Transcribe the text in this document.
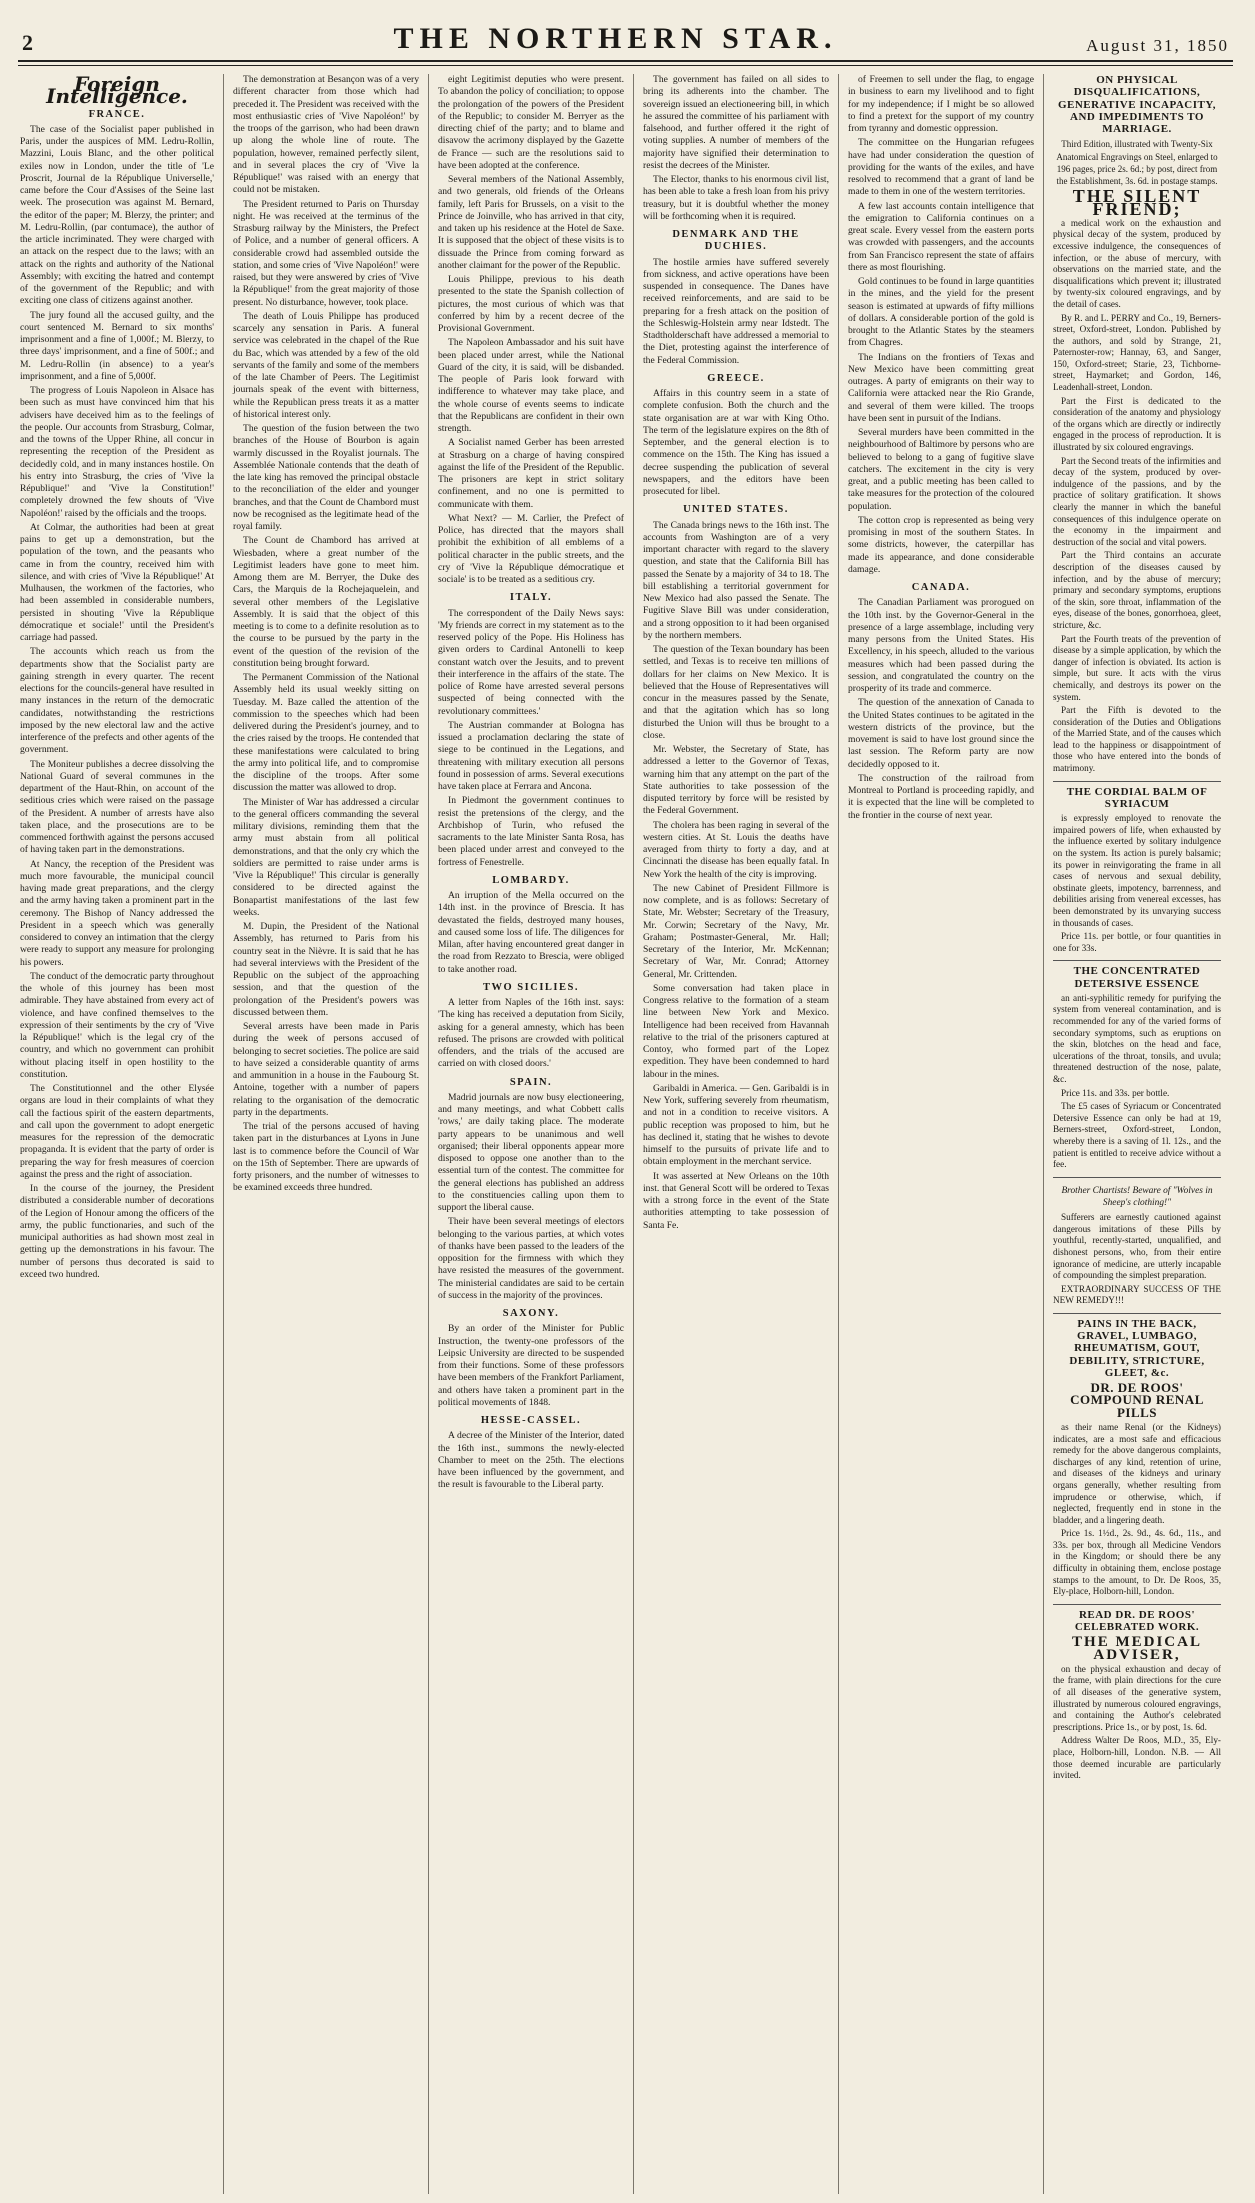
2	THE NORTHERN STAR.	August 31, 1850
Foreign Intelligence.
FRANCE.

The case of the Socialist paper published in Paris, under the auspices of MM. Ledru-Rollin, Mazzini, Louis Blanc, and the other political exiles now in London, under the title of 'Le Proscrit, Journal de la République Universelle,' came before the Cour d'Assises of the Seine last week. The prosecution was against M. Bernard, the editor of the paper; M. Blerzy, the printer; and M. Ledru-Rollin, (par contumace), the author of the article incriminated. They were charged with an attack on the respect due to the laws; with an attack on the rights and authority of the National Assembly; with exciting the hatred and contempt of the government of the Republic; and with exciting one class of citizens against another.

The jury found all the accused guilty, and the court sentenced M. Bernard to six months' imprisonment and a fine of 1,000f.; M. Blerzy, to three days' imprisonment, and a fine of 500f.; and M. Ledru-Rollin (in absence) to a year's imprisonment, and a fine of 5,000f.

The progress of Louis Napoleon in Alsace has been such as must have convinced him that his advisers have deceived him as to the feelings of the people. Our accounts from Strasburg, Colmar, and the towns of the Upper Rhine, all concur in representing the reception of the President as decidedly cold, and in many instances hostile. On his entry into Strasburg, the cries of 'Vive la République!' and 'Vive la Constitution!' completely drowned the few shouts of 'Vive Napoléon!' raised by the officials and the troops.

At Colmar, the authorities had been at great pains to get up a demonstration, but the population of the town, and the peasants who came in from the country, received him with silence, and with cries of 'Vive la République!' At Mulhausen, the workmen of the factories, who had been assembled in considerable numbers, persisted in shouting 'Vive la République démocratique et sociale!' until the President's carriage had passed.

The accounts which reach us from the departments show that the Socialist party are gaining strength in every quarter. The recent elections for the councils-general have resulted in many instances in the return of the democratic candidates, notwithstanding the restrictions imposed by the new electoral law and the active interference of the prefects and other agents of the government.

The Moniteur publishes a decree dissolving the National Guard of several communes in the department of the Haut-Rhin, on account of the seditious cries which were raised on the passage of the President. A number of arrests have also taken place, and the prosecutions are to be commenced forthwith against the persons accused of having taken part in the demonstrations.

At Nancy, the reception of the President was much more favourable, the municipal council having made great preparations, and the clergy and the army having taken a prominent part in the ceremony. The Bishop of Nancy addressed the President in a speech which was generally considered to convey an intimation that the clergy were ready to support any measure for prolonging his powers.

The conduct of the democratic party throughout the whole of this journey has been most admirable. They have abstained from every act of violence, and have confined themselves to the expression of their sentiments by the cry of 'Vive la République!' which is the legal cry of the country, and which no government can prohibit without placing itself in open hostility to the constitution.

The Constitutionnel and the other Elysée organs are loud in their complaints of what they call the factious spirit of the eastern departments, and call upon the government to adopt energetic measures for the repression of the democratic propaganda. It is evident that the party of order is preparing the way for fresh measures of coercion against the press and the right of association.

In the course of the journey, the President distributed a considerable number of decorations of the Legion of Honour among the officers of the army, the public functionaries, and such of the municipal authorities as had shown most zeal in getting up the demonstrations in his favour. The number of persons thus decorated is said to exceed two hundred.

The demonstration at Besançon was of a very different character from those which had preceded it. The President was received with the most enthusiastic cries of 'Vive Napoléon!' by the troops of the garrison, who had been drawn up along the whole line of route. The population, however, remained perfectly silent, and in several places the cry of 'Vive la République!' was raised with an energy that could not be mistaken.

The President returned to Paris on Thursday night. He was received at the terminus of the Strasburg railway by the Ministers, the Prefect of Police, and a number of general officers. A considerable crowd had assembled outside the station, and some cries of 'Vive Napoléon!' were raised, but they were answered by cries of 'Vive la République!' from the great majority of those present. No disturbance, however, took place.

The death of Louis Philippe has produced scarcely any sensation in Paris. A funeral service was celebrated in the chapel of the Rue du Bac, which was attended by a few of the old servants of the family and some of the members of the late Chamber of Peers. The Legitimist journals speak of the event with bitterness, while the Republican press treats it as a matter of historical interest only.

The question of the fusion between the two branches of the House of Bourbon is again warmly discussed in the Royalist journals. The Assemblée Nationale contends that the death of the late king has removed the principal obstacle to the reconciliation of the elder and younger branches, and that the Count de Chambord must now be recognised as the legitimate head of the royal family.

The Count de Chambord has arrived at Wiesbaden, where a great number of the Legitimist leaders have gone to meet him. Among them are M. Berryer, the Duke des Cars, the Marquis de la Rochejaquelein, and several other members of the Legislative Assembly. It is said that the object of this meeting is to come to a definite resolution as to the course to be pursued by the party in the event of the question of the revision of the constitution being brought forward.

The Permanent Commission of the National Assembly held its usual weekly sitting on Tuesday. M. Baze called the attention of the commission to the speeches which had been delivered during the President's journey, and to the cries raised by the troops. He contended that these manifestations were calculated to bring the army into political life, and to compromise the discipline of the troops. After some discussion the matter was allowed to drop.

The Minister of War has addressed a circular to the general officers commanding the several military divisions, reminding them that the army must abstain from all political demonstrations, and that the only cry which the soldiers are permitted to raise under arms is 'Vive la République!' This circular is generally considered to be directed against the Bonapartist manifestations of the last few weeks.

M. Dupin, the President of the National Assembly, has returned to Paris from his country seat in the Nièvre. It is said that he has had several interviews with the President of the Republic on the subject of the approaching session, and that the question of the prolongation of the President's powers was discussed between them.

Several arrests have been made in Paris during the week of persons accused of belonging to secret societies. The police are said to have seized a considerable quantity of arms and ammunition in a house in the Faubourg St. Antoine, together with a number of papers relating to the organisation of the democratic party in the departments.

The trial of the persons accused of having taken part in the disturbances at Lyons in June last is to commence before the Council of War on the 15th of September. There are upwards of forty prisoners, and the number of witnesses to be examined exceeds three hundred.

eight Legitimist deputies who were present. To abandon the policy of conciliation; to oppose the prolongation of the powers of the President of the Republic; to consider M. Berryer as the directing chief of the party; and to blame and disavow the acrimony displayed by the Gazette de France — such are the resolutions said to have been adopted at the conference.

Several members of the National Assembly, and two generals, old friends of the Orleans family, left Paris for Brussels, on a visit to the Prince de Joinville, who has arrived in that city, and taken up his residence at the Hotel de Saxe. It is supposed that the object of these visits is to dissuade the Prince from coming forward as another claimant for the power of the Republic.

Louis Philippe, previous to his death presented to the state the Spanish collection of pictures, the most curious of which was that conferred by him by a recent decree of the Provisional Government.

The Napoleon Ambassador and his suit have been placed under arrest, while the National Guard of the city, it is said, will be disbanded. The people of Paris look forward with indifference to whatever may take place, and the whole course of events seems to indicate that the Republicans are confident in their own strength.

A Socialist named Gerber has been arrested at Strasburg on a charge of having conspired against the life of the President of the Republic. The prisoners are kept in strict solitary confinement, and no one is permitted to communicate with them.

What Next? — M. Carlier, the Prefect of Police, has directed that the mayors shall prohibit the exhibition of all emblems of a political character in the public streets, and the cry of 'Vive la République démocratique et sociale' is to be treated as a seditious cry.

ITALY.

The correspondent of the Daily News says: 'My friends are correct in my statement as to the reserved policy of the Pope. His Holiness has given orders to Cardinal Antonelli to keep constant watch over the Jesuits, and to prevent their interference in the affairs of the state. The police of Rome have arrested several persons suspected of being connected with the revolutionary committees.'

The Austrian commander at Bologna has issued a proclamation declaring the state of siege to be continued in the Legations, and threatening with military execution all persons found in possession of arms. Several executions have taken place at Ferrara and Ancona.

In Piedmont the government continues to resist the pretensions of the clergy, and the Archbishop of Turin, who refused the sacraments to the late Minister Santa Rosa, has been placed under arrest and conveyed to the fortress of Fenestrelle.

LOMBARDY.

An irruption of the Mella occurred on the 14th inst. in the province of Brescia. It has devastated the fields, destroyed many houses, and caused some loss of life. The diligences for Milan, after having encountered great danger in the road from Rezzato to Brescia, were obliged to take another road.

TWO SICILIES.

A letter from Naples of the 16th inst. says: 'The king has received a deputation from Sicily, asking for a general amnesty, which has been refused. The prisons are crowded with political offenders, and the trials of the accused are carried on with closed doors.'

SPAIN.

Madrid journals are now busy electioneering, and many meetings, and what Cobbett calls 'rows,' are daily taking place. The moderate party appears to be unanimous and well organised; their liberal opponents appear more disposed to oppose one another than to the essential turn of the contest. The committee for the general elections has published an address to the constituencies calling upon them to support the liberal cause.

Their have been several meetings of electors belonging to the various parties, at which votes of thanks have been passed to the leaders of the opposition for the firmness with which they have resisted the measures of the government. The ministerial candidates are said to be certain of success in the majority of the provinces.

SAXONY.

By an order of the Minister for Public Instruction, the twenty-one professors of the Leipsic University are directed to be suspended from their functions. Some of these professors have been members of the Frankfort Parliament, and others have taken a prominent part in the political movements of 1848.

HESSE-CASSEL.

A decree of the Minister of the Interior, dated the 16th inst., summons the newly-elected Chamber to meet on the 25th. The elections have been influenced by the government, and the result is favourable to the Liberal party.

The government has failed on all sides to bring its adherents into the chamber. The sovereign issued an electioneering bill, in which he assured the committee of his parliament with falsehood, and further offered it the right of voting supplies. A number of members of the majority have signified their determination to resist the decrees of the Minister.

The Elector, thanks to his enormous civil list, has been able to take a fresh loan from his privy treasury, but it is doubtful whether the money will be forthcoming when it is required.

DENMARK AND THE DUCHIES.

The hostile armies have suffered severely from sickness, and active operations have been suspended in consequence. The Danes have received reinforcements, and are said to be preparing for a fresh attack on the position of the Schleswig-Holstein army near Idstedt. The Stadtholderschaft have addressed a memorial to the Diet, protesting against the interference of the Federal Commission.

GREECE.

Affairs in this country seem in a state of complete confusion. Both the church and the state organisation are at war with King Otho. The term of the legislature expires on the 8th of September, and the general election is to commence on the 15th. The King has issued a decree suspending the publication of several newspapers, and the editors have been prosecuted for libel.

UNITED STATES.

The Canada brings news to the 16th inst. The accounts from Washington are of a very important character with regard to the slavery question, and state that the California Bill has passed the Senate by a majority of 34 to 18. The bill establishing a territorial government for New Mexico had also passed the Senate. The Fugitive Slave Bill was under consideration, and a strong opposition to it had been organised by the northern members.

The question of the Texan boundary has been settled, and Texas is to receive ten millions of dollars for her claims on New Mexico. It is believed that the House of Representatives will concur in the measures passed by the Senate, and that the agitation which has so long disturbed the Union will thus be brought to a close.

Mr. Webster, the Secretary of State, has addressed a letter to the Governor of Texas, warning him that any attempt on the part of the State authorities to take possession of the disputed territory by force will be resisted by the Federal Government.

The cholera has been raging in several of the western cities. At St. Louis the deaths have averaged from thirty to forty a day, and at Cincinnati the disease has been equally fatal. In New York the health of the city is improving.

The new Cabinet of President Fillmore is now complete, and is as follows: Secretary of State, Mr. Webster; Secretary of the Treasury, Mr. Corwin; Secretary of the Navy, Mr. Graham; Postmaster-General, Mr. Hall; Secretary of the Interior, Mr. McKennan; Secretary of War, Mr. Conrad; Attorney General, Mr. Crittenden.

Some conversation had taken place in Congress relative to the formation of a steam line between New York and Mexico. Intelligence had been received from Havannah relative to the trial of the prisoners captured at Contoy, who formed part of the Lopez expedition. They have been condemned to hard labour in the mines.

Garibaldi in America. — Gen. Garibaldi is in New York, suffering severely from rheumatism, and not in a condition to receive visitors. A public reception was proposed to him, but he has declined it, stating that he wishes to devote himself to the pursuits of private life and to obtain employment in the merchant service.

It was asserted at New Orleans on the 10th inst. that General Scott will be ordered to Texas with a strong force in the event of the State authorities attempting to take possession of Santa Fe.

of Freemen to sell under the flag, to engage in business to earn my livelihood and to fight for my independence; if I might be so allowed to find a pretext for the support of my country from tyranny and domestic oppression.

The committee on the Hungarian refugees have had under consideration the question of providing for the wants of the exiles, and have resolved to recommend that a grant of land be made to them in one of the western territories.

A few last accounts contain intelligence that the emigration to California continues on a great scale. Every vessel from the eastern ports was crowded with passengers, and the accounts from San Francisco represent the state of affairs there as most flourishing.

Gold continues to be found in large quantities in the mines, and the yield for the present season is estimated at upwards of fifty millions of dollars. A considerable portion of the gold is brought to the Atlantic States by the steamers from Chagres.

The Indians on the frontiers of Texas and New Mexico have been committing great outrages. A party of emigrants on their way to California were attacked near the Rio Grande, and several of them were killed. The troops have been sent in pursuit of the Indians.

Several murders have been committed in the neighbourhood of Baltimore by persons who are believed to belong to a gang of fugitive slave catchers. The excitement in the city is very great, and a public meeting has been called to take measures for the protection of the coloured population.

The cotton crop is represented as being very promising in most of the southern States. In some districts, however, the caterpillar has made its appearance, and done considerable damage.

CANADA.

The Canadian Parliament was prorogued on the 10th inst. by the Governor-General in the presence of a large assemblage, including very many persons from the United States. His Excellency, in his speech, alluded to the various measures which had been passed during the session, and congratulated the country on the prosperity of its trade and commerce.

The question of the annexation of Canada to the United States continues to be agitated in the western districts of the province, but the movement is said to have lost ground since the last session. The Reform party are now decidedly opposed to it.

The construction of the railroad from Montreal to Portland is proceeding rapidly, and it is expected that the line will be completed to the frontier in the course of next year.

ON PHYSICAL DISQUALIFICATIONS, GENERATIVE INCAPACITY, AND IMPEDIMENTS TO MARRIAGE.
Third Edition, illustrated with Twenty-Six Anatomical Engravings on Steel, enlarged to 196 pages, price 2s. 6d.; by post, direct from the Establishment, 3s. 6d. in postage stamps.
THE SILENT FRIEND;

a medical work on the exhaustion and physical decay of the system, produced by excessive indulgence, the consequences of infection, or the abuse of mercury, with observations on the married state, and the disqualifications which prevent it; illustrated by twenty-six coloured engravings, and by the detail of cases.

By R. and L. PERRY and Co., 19, Berners-street, Oxford-street, London. Published by the authors, and sold by Strange, 21, Paternoster-row; Hannay, 63, and Sanger, 150, Oxford-street; Starie, 23, Tichborne-street, Haymarket; and Gordon, 146, Leadenhall-street, London.

Part the First is dedicated to the consideration of the anatomy and physiology of the organs which are directly or indirectly engaged in the process of reproduction. It is illustrated by six coloured engravings.

Part the Second treats of the infirmities and decay of the system, produced by over-indulgence of the passions, and by the practice of solitary gratification. It shows clearly the manner in which the baneful consequences of this indulgence operate on the economy in the impairment and destruction of the social and vital powers.

Part the Third contains an accurate description of the diseases caused by infection, and by the abuse of mercury; primary and secondary symptoms, eruptions of the skin, sore throat, inflammation of the eyes, disease of the bones, gonorrhoea, gleet, stricture, &c.

Part the Fourth treats of the prevention of disease by a simple application, by which the danger of infection is obviated. Its action is simple, but sure. It acts with the virus chemically, and destroys its power on the system.

Part the Fifth is devoted to the consideration of the Duties and Obligations of the Married State, and of the causes which lead to the happiness or disappointment of those who have entered into the bonds of matrimony.

THE CORDIAL BALM OF SYRIACUM

is expressly employed to renovate the impaired powers of life, when exhausted by the influence exerted by solitary indulgence on the system. Its action is purely balsamic; its power in reinvigorating the frame in all cases of nervous and sexual debility, obstinate gleets, impotency, barrenness, and debilities arising from venereal excesses, has been demonstrated by its unvarying success in thousands of cases.

Price 11s. per bottle, or four quantities in one for 33s.

THE CONCENTRATED DETERSIVE ESSENCE

an anti-syphilitic remedy for purifying the system from venereal contamination, and is recommended for any of the varied forms of secondary symptoms, such as eruptions on the skin, blotches on the head and face, ulcerations of the throat, tonsils, and uvula; threatened destruction of the nose, palate, &c.

Price 11s. and 33s. per bottle.

The £5 cases of Syriacum or Concentrated Detersive Essence can only be had at 19, Berners-street, Oxford-street, London, whereby there is a saving of 1l. 12s., and the patient is entitled to receive advice without a fee.

Brother Chartists! Beware of "Wolves in Sheep's clothing!"

Sufferers are earnestly cautioned against dangerous imitations of these Pills by youthful, recently-started, unqualified, and dishonest persons, who, from their entire ignorance of medicine, are utterly incapable of compounding the simplest preparation.

EXTRAORDINARY SUCCESS OF THE NEW REMEDY!!!

PAINS IN THE BACK, GRAVEL, LUMBAGO, RHEUMATISM, GOUT, DEBILITY, STRICTURE, GLEET, &c.
DR. DE ROOS' COMPOUND RENAL PILLS

as their name Renal (or the Kidneys) indicates, are a most safe and efficacious remedy for the above dangerous complaints, discharges of any kind, retention of urine, and diseases of the kidneys and urinary organs generally, whether resulting from imprudence or otherwise, which, if neglected, frequently end in stone in the bladder, and a lingering death.

Price 1s. 1½d., 2s. 9d., 4s. 6d., 11s., and 33s. per box, through all Medicine Vendors in the Kingdom; or should there be any difficulty in obtaining them, enclose postage stamps to the amount, to Dr. De Roos, 35, Ely-place, Holborn-hill, London.

READ DR. DE ROOS' CELEBRATED WORK.
THE MEDICAL ADVISER,

on the physical exhaustion and decay of the frame, with plain directions for the cure of all diseases of the generative system, illustrated by numerous coloured engravings, and containing the Author's celebrated prescriptions. Price 1s., or by post, 1s. 6d.

Address Walter De Roos, M.D., 35, Ely-place, Holborn-hill, London. N.B. — All those deemed incurable are particularly invited.
